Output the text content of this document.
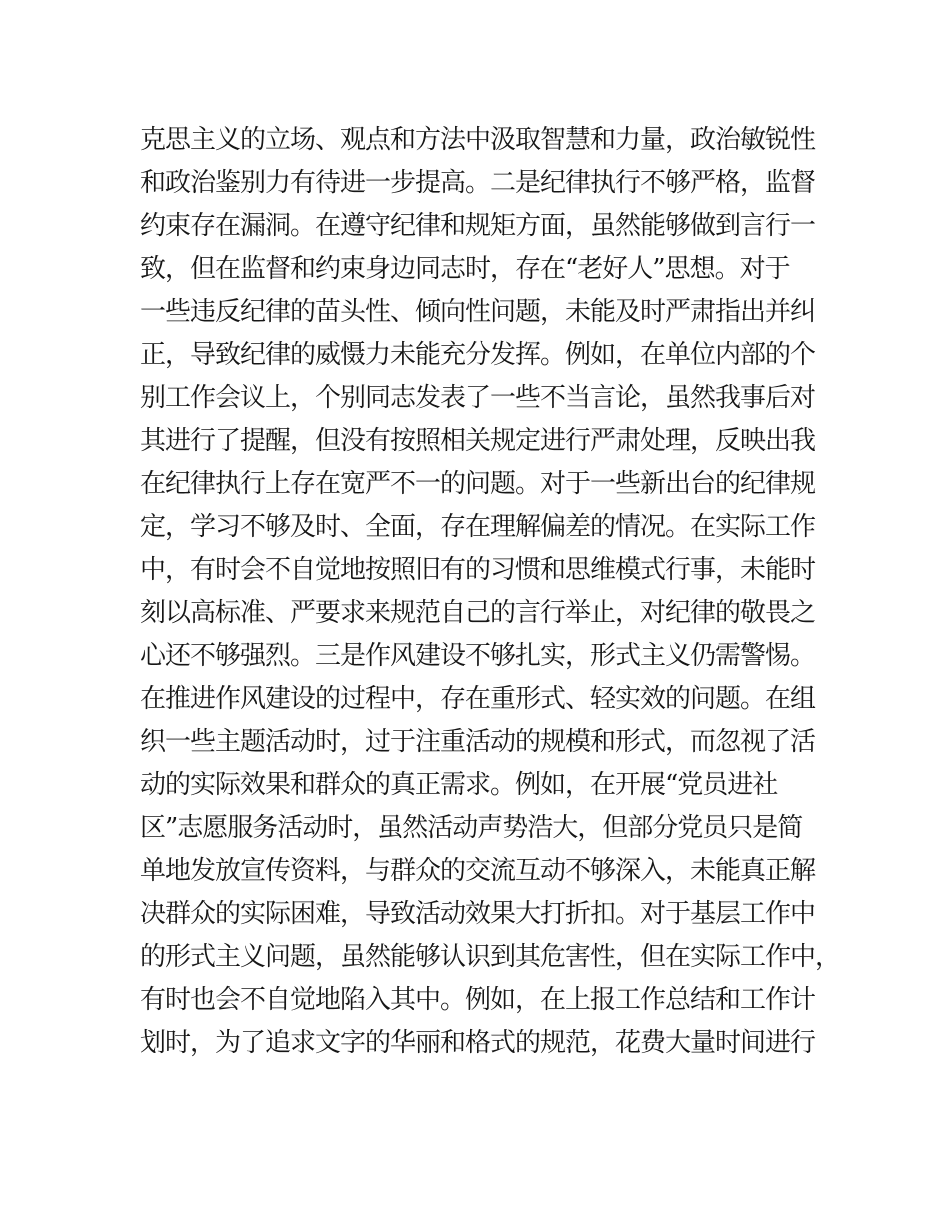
克思主义的立场、观点和方法中汲取智慧和力量，政治敏锐性
和政治鉴别力有待进一步提高。二是纪律执行不够严格，监督
约束存在漏洞。在遵守纪律和规矩方面，虽然能够做到言行一
致，但在监督和约束身边同志时，存在“老好人”思想。对于
一些违反纪律的苗头性、倾向性问题，未能及时严肃指出并纠
正，导致纪律的威慑力未能充分发挥。例如，在单位内部的个
别工作会议上，个别同志发表了一些不当言论，虽然我事后对
其进行了提醒，但没有按照相关规定进行严肃处理，反映出我
在纪律执行上存在宽严不一的问题。对于一些新出台的纪律规
定，学习不够及时、全面，存在理解偏差的情况。在实际工作
中，有时会不自觉地按照旧有的习惯和思维模式行事，未能时
刻以高标准、严要求来规范自己的言行举止，对纪律的敬畏之
心还不够强烈。三是作风建设不够扎实，形式主义仍需警惕。
在推进作风建设的过程中，存在重形式、轻实效的问题。在组
织一些主题活动时，过于注重活动的规模和形式，而忽视了活
动的实际效果和群众的真正需求。例如，在开展“党员进社
区”志愿服务活动时，虽然活动声势浩大，但部分党员只是简
单地发放宣传资料，与群众的交流互动不够深入，未能真正解
决群众的实际困难，导致活动效果大打折扣。对于基层工作中
的形式主义问题，虽然能够认识到其危害性，但在实际工作中，
有时也会不自觉地陷入其中。例如，在上报工作总结和工作计
划时，为了追求文字的华丽和格式的规范，花费大量时间进行
